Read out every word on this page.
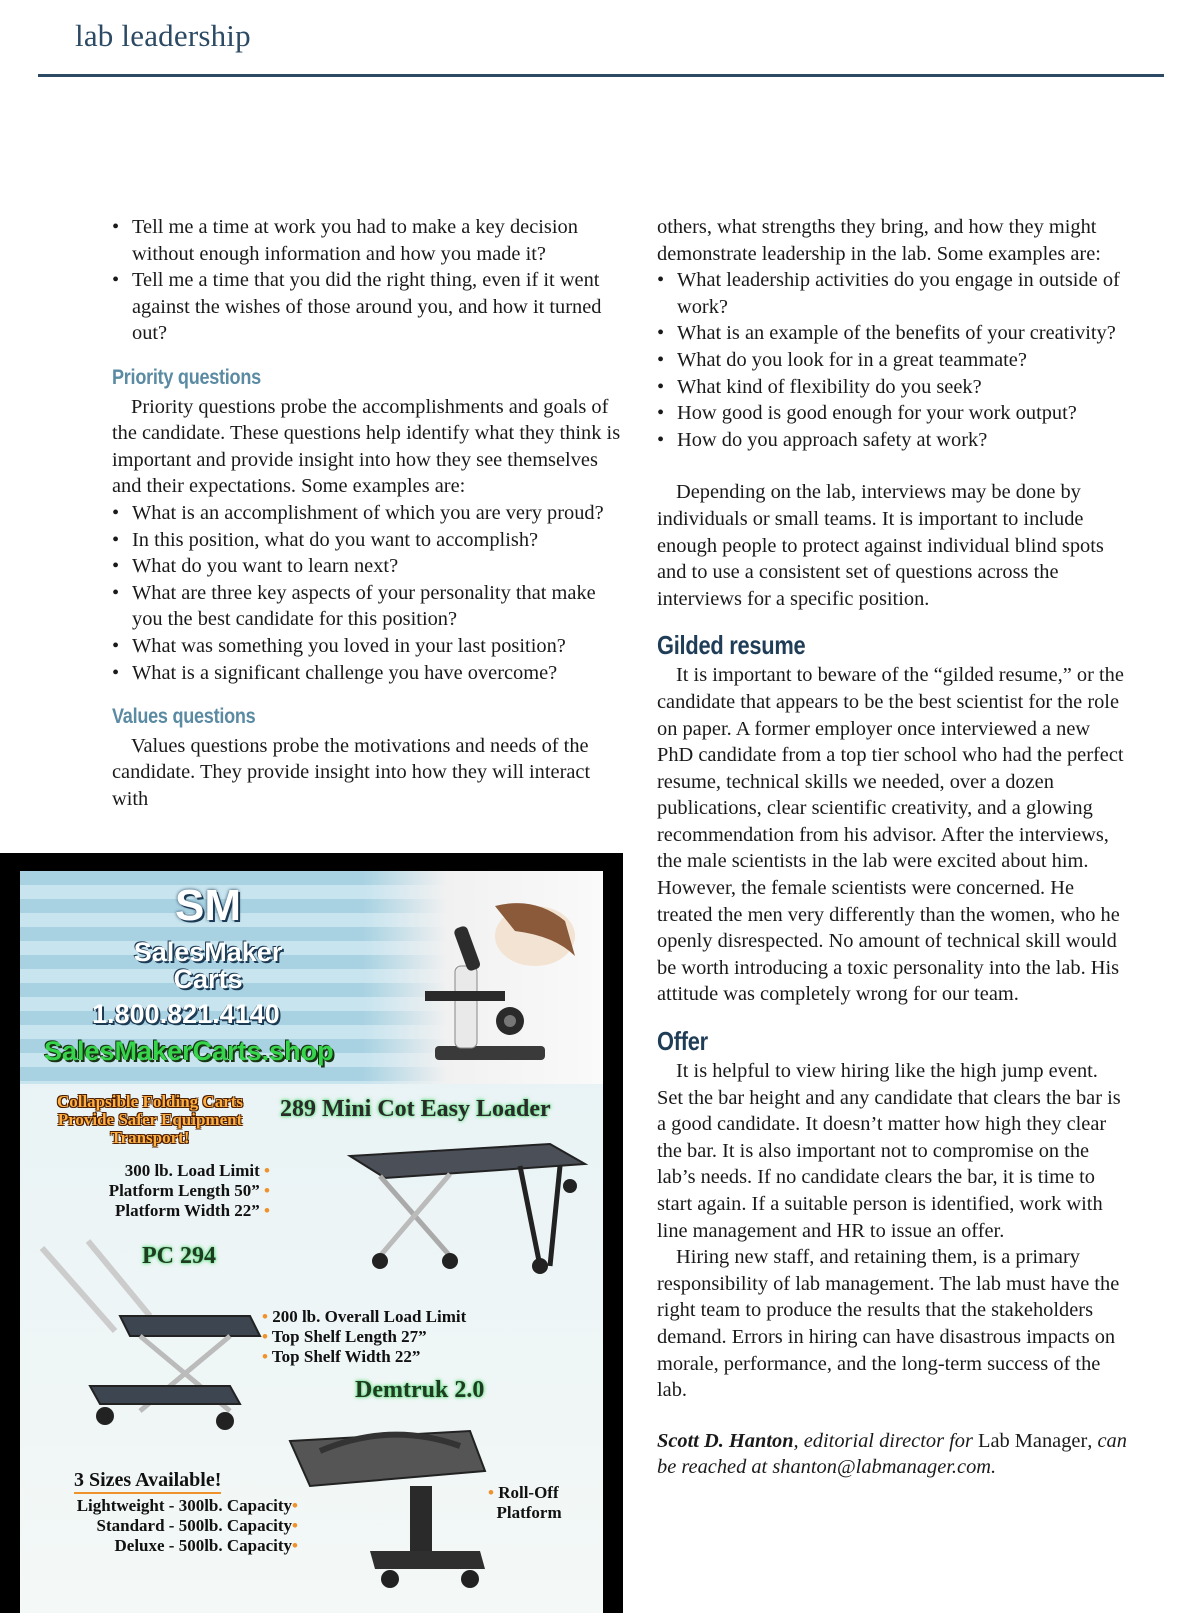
lab leadership
• Tell me a time at work you had to make a key decision without enough information and how you made it?
• Tell me a time that you did the right thing, even if it went against the wishes of those around you, and how it turned out?
Priority questions

Priority questions probe the accomplishments and goals of the candidate. These questions help identify what they think is important and provide insight into how they see themselves and their expectations. Some examples are:

• What is an accomplishment of which you are very proud?
• In this position, what do you want to accomplish?
• What do you want to learn next?
• What are three key aspects of your personality that make you the best candidate for this position?
• What was something you loved in your last position?
• What is a significant challenge you have overcome?
Values questions

Values questions probe the motivations and needs of the candidate. They provide insight into how they will interact with

others, what strengths they bring, and how they might demonstrate leadership in the lab. Some examples are:

• What leadership activities do you engage in outside of work?
• What is an example of the benefits of your creativity?
• What do you look for in a great teammate?
• What kind of flexibility do you seek?
• How good is good enough for your work output?
• How do you approach safety at work?

Depending on the lab, interviews may be done by individuals or small teams. It is important to include enough people to protect against individual blind spots and to use a consistent set of questions across the interviews for a specific position.

Gilded resume

It is important to beware of the “gilded resume,” or the candidate that appears to be the best scientist for the role on paper. A former employer once interviewed a new PhD candidate from a top tier school who had the perfect resume, technical skills we needed, over a dozen publications, clear scientific creativity, and a glowing recommendation from his advisor. After the interviews, the male scientists in the lab were excited about him. However, the female scientists were concerned. He treated the men very differently than the women, who he openly disrespected. No amount of technical skill would be worth introducing a toxic personality into the lab. His attitude was completely wrong for our team.

Offer

It is helpful to view hiring like the high jump event. Set the bar height and any candidate that clears the bar is a good candidate. It doesn’t matter how high they clear the bar. It is also important not to compromise on the lab’s needs. If no candidate clears the bar, it is time to start again. If a suitable person is identified, work with line management and HR to issue an offer.

Hiring new staff, and retaining them, is a primary responsibility of lab management. The lab must have the right team to produce the results that the stakeholders demand. Errors in hiring can have disastrous impacts on morale, performance, and the long-term success of the lab.

Scott D. Hanton, editorial director for Lab Manager, can be reached at shanton@labmanager.com.

SM
SalesMaker
Carts
1.800.821.4140
SalesMakerCarts.shop
Collapsible Folding Carts
Provide Safer Equipment
Transport!
289 Mini Cot Easy Loader
300 lb. Load Limit •
Platform Length 50” •
Platform Width 22” •
PC 294
• 200 lb. Overall Load Limit
• Top Shelf Length 27”
• Top Shelf Width 22”
Demtruk 2.0
3 Sizes Available!
Lightweight - 300lb. Capacity•
Standard - 500lb. Capacity•
Deluxe - 500lb. Capacity•
• Roll-Off
Platform
